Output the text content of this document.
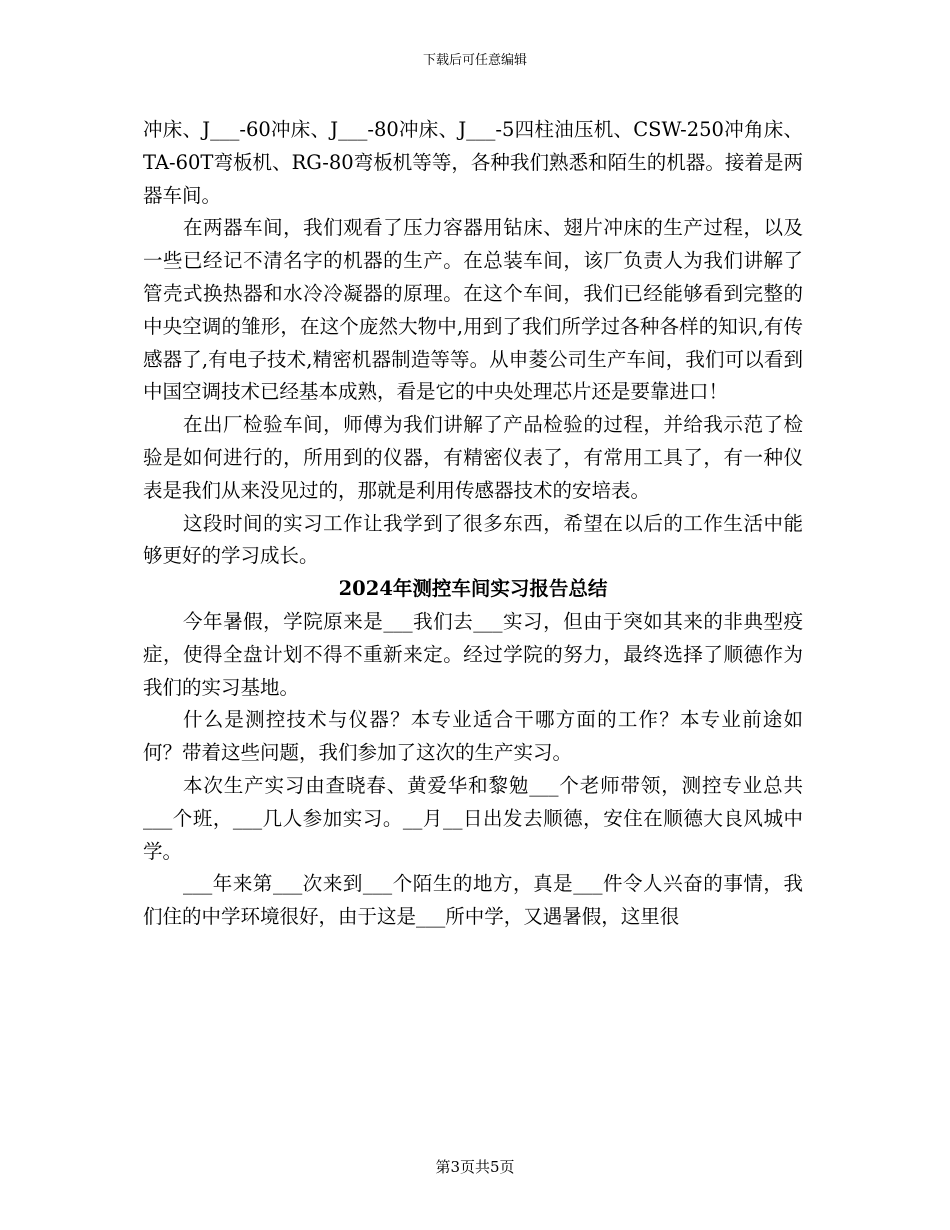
下载后可任意编辑

冲床、J___-60冲床、J___-80冲床、J___-5四柱油压机、CSW-250冲角床、TA-60T弯板机、RG-80弯板机等等，各种我们熟悉和陌生的机器。接着是两器车间。

在两器车间，我们观看了压力容器用钻床、翅片冲床的生产过程，以及一些已经记不清名字的机器的生产。在总装车间，该厂负责人为我们讲解了管壳式换热器和水冷冷凝器的原理。在这个车间，我们已经能够看到完整的中央空调的雏形，在这个庞然大物中,用到了我们所学过各种各样的知识,有传感器了,有电子技术,精密机器制造等等。从申菱公司生产车间，我们可以看到中国空调技术已经基本成熟，看是它的中央处理芯片还是要靠进口！

在出厂检验车间，师傅为我们讲解了产品检验的过程，并给我示范了检验是如何进行的，所用到的仪器，有精密仪表了，有常用工具了，有一种仪表是我们从来没见过的，那就是利用传感器技术的安培表。

这段时间的实习工作让我学到了很多东西，希望在以后的工作生活中能够更好的学习成长。

2024年测控车间实习报告总结

今年暑假，学院原来是___我们去___实习，但由于突如其来的非典型疫症，使得全盘计划不得不重新来定。经过学院的努力，最终选择了顺德作为我们的实习基地。

什么是测控技术与仪器？本专业适合干哪方面的工作？本专业前途如何？带着这些问题，我们参加了这次的生产实习。

本次生产实习由查晓春、黄爱华和黎勉___个老师带领，测控专业总共___个班，___几人参加实习。__月__日出发去顺德，安住在顺德大良风城中学。

___年来第___次来到___个陌生的地方，真是___件令人兴奋的事情，我们住的中学环境很好，由于这是___所中学，又遇暑假，这里很

第3页共5页
